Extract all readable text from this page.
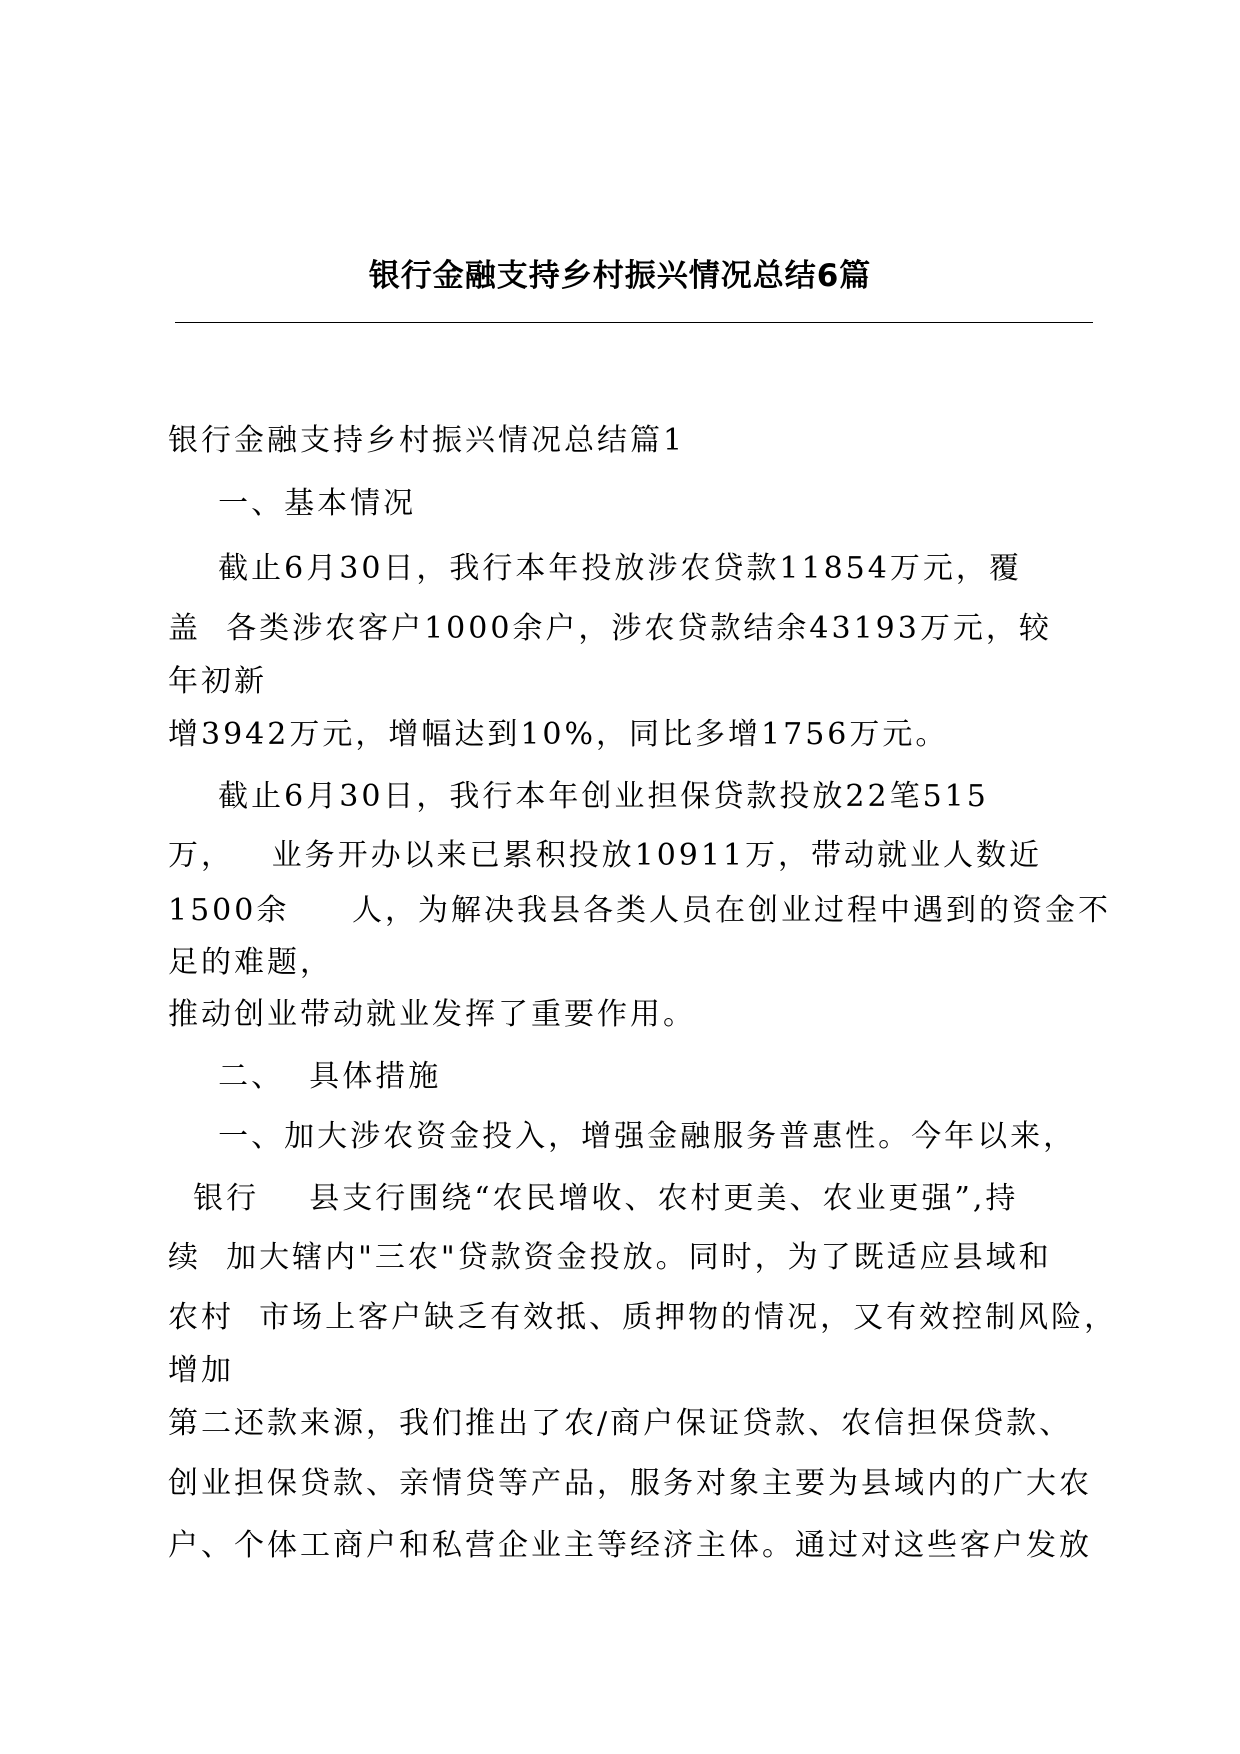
银行金融支持乡村振兴情况总结6篇
银行金融支持乡村振兴情况总结篇1
一、基本情况
截止6月30日，我行本年投放涉农贷款11854万元，覆
盖  各类涉农客户1000余户，涉农贷款结余43193万元，较
年初新
增3942万元，增幅达到10%，同比多增1756万元。
截止6月30日，我行本年创业担保贷款投放22笔515
万，   业务开办以来已累积投放10911万，带动就业人数近
1500余     人，为解决我县各类人员在创业过程中遇到的资金不
足的难题，
推动创业带动就业发挥了重要作用。
二、  具体措施
一、加大涉农资金投入，增强金融服务普惠性。今年以来，
银行    县支行围绕“农民增收、农村更美、农业更强”,持
续  加大辖内"三农"贷款资金投放。同时，为了既适应县域和
农村  市场上客户缺乏有效抵、质押物的情况，又有效控制风险，
增加
第二还款来源，我们推出了农/商户保证贷款、农信担保贷款、
创业担保贷款、亲情贷等产品，服务对象主要为县域内的广大农
户、个体工商户和私营企业主等经济主体。通过对这些客户发放
